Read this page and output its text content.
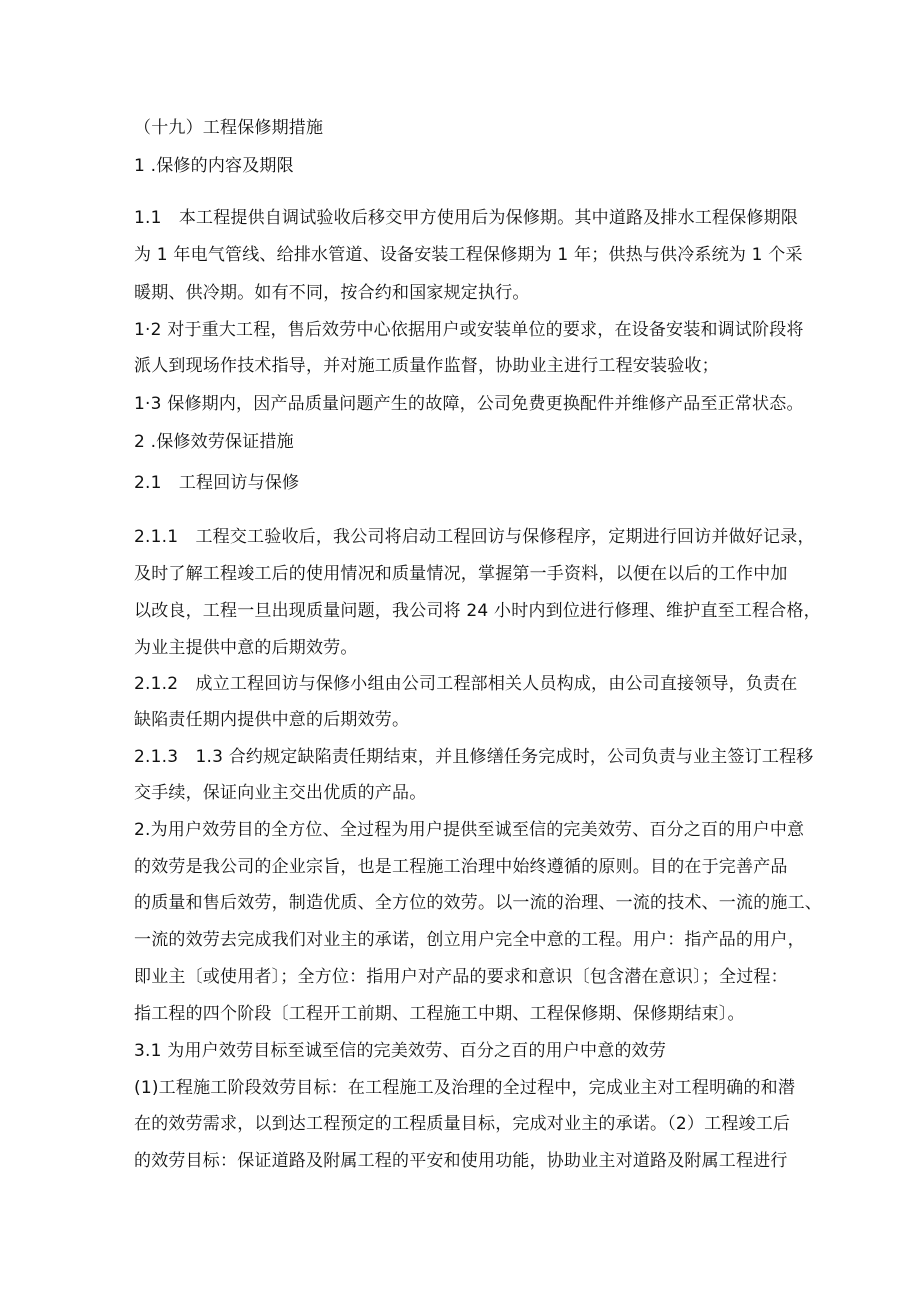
（十九）工程保修期措施
1 .保修的内容及期限
1.1　本工程提供自调试验收后移交甲方使用后为保修期。其中道路及排水工程保修期限
为 1 年电气管线、给排水管道、设备安装工程保修期为 1 年；供热与供冷系统为 1 个采
暖期、供冷期。如有不同，按合约和国家规定执行。
1·2 对于重大工程，售后效劳中心依据用户或安装单位的要求，在设备安装和调试阶段将
派人到现场作技术指导，并对施工质量作监督，协助业主进行工程安装验收；
1·3 保修期内，因产品质量问题产生的故障，公司免费更换配件并维修产品至正常状态。
2 .保修效劳保证措施
2.1　工程回访与保修
2.1.1　工程交工验收后，我公司将启动工程回访与保修程序，定期进行回访并做好记录，
及时了解工程竣工后的使用情况和质量情况，掌握第一手资料，以便在以后的工作中加
以改良，工程一旦出现质量问题，我公司将 24 小时内到位进行修理、维护直至工程合格，
为业主提供中意的后期效劳。
2.1.2　成立工程回访与保修小组由公司工程部相关人员构成，由公司直接领导，负责在
缺陷责任期内提供中意的后期效劳。
2.1.3　1.3 合约规定缺陷责任期结束，并且修缮任务完成时，公司负责与业主签订工程移
交手续，保证向业主交出优质的产品。
2.为用户效劳目的全方位、全过程为用户提供至诚至信的完美效劳、百分之百的用户中意
的效劳是我公司的企业宗旨，也是工程施工治理中始终遵循的原则。目的在于完善产品
的质量和售后效劳，制造优质、全方位的效劳。以一流的治理、一流的技术、一流的施工、
一流的效劳去完成我们对业主的承诺，创立用户完全中意的工程。用户：指产品的用户，
即业主〔或使用者〕；全方位：指用户对产品的要求和意识〔包含潜在意识〕；全过程：
指工程的四个阶段〔工程开工前期、工程施工中期、工程保修期、保修期结束〕。
3.1 为用户效劳目标至诚至信的完美效劳、百分之百的用户中意的效劳
(1)工程施工阶段效劳目标：在工程施工及治理的全过程中，完成业主对工程明确的和潜
在的效劳需求，以到达工程预定的工程质量目标，完成对业主的承诺。（2）工程竣工后
的效劳目标：保证道路及附属工程的平安和使用功能，协助业主对道路及附属工程进行
